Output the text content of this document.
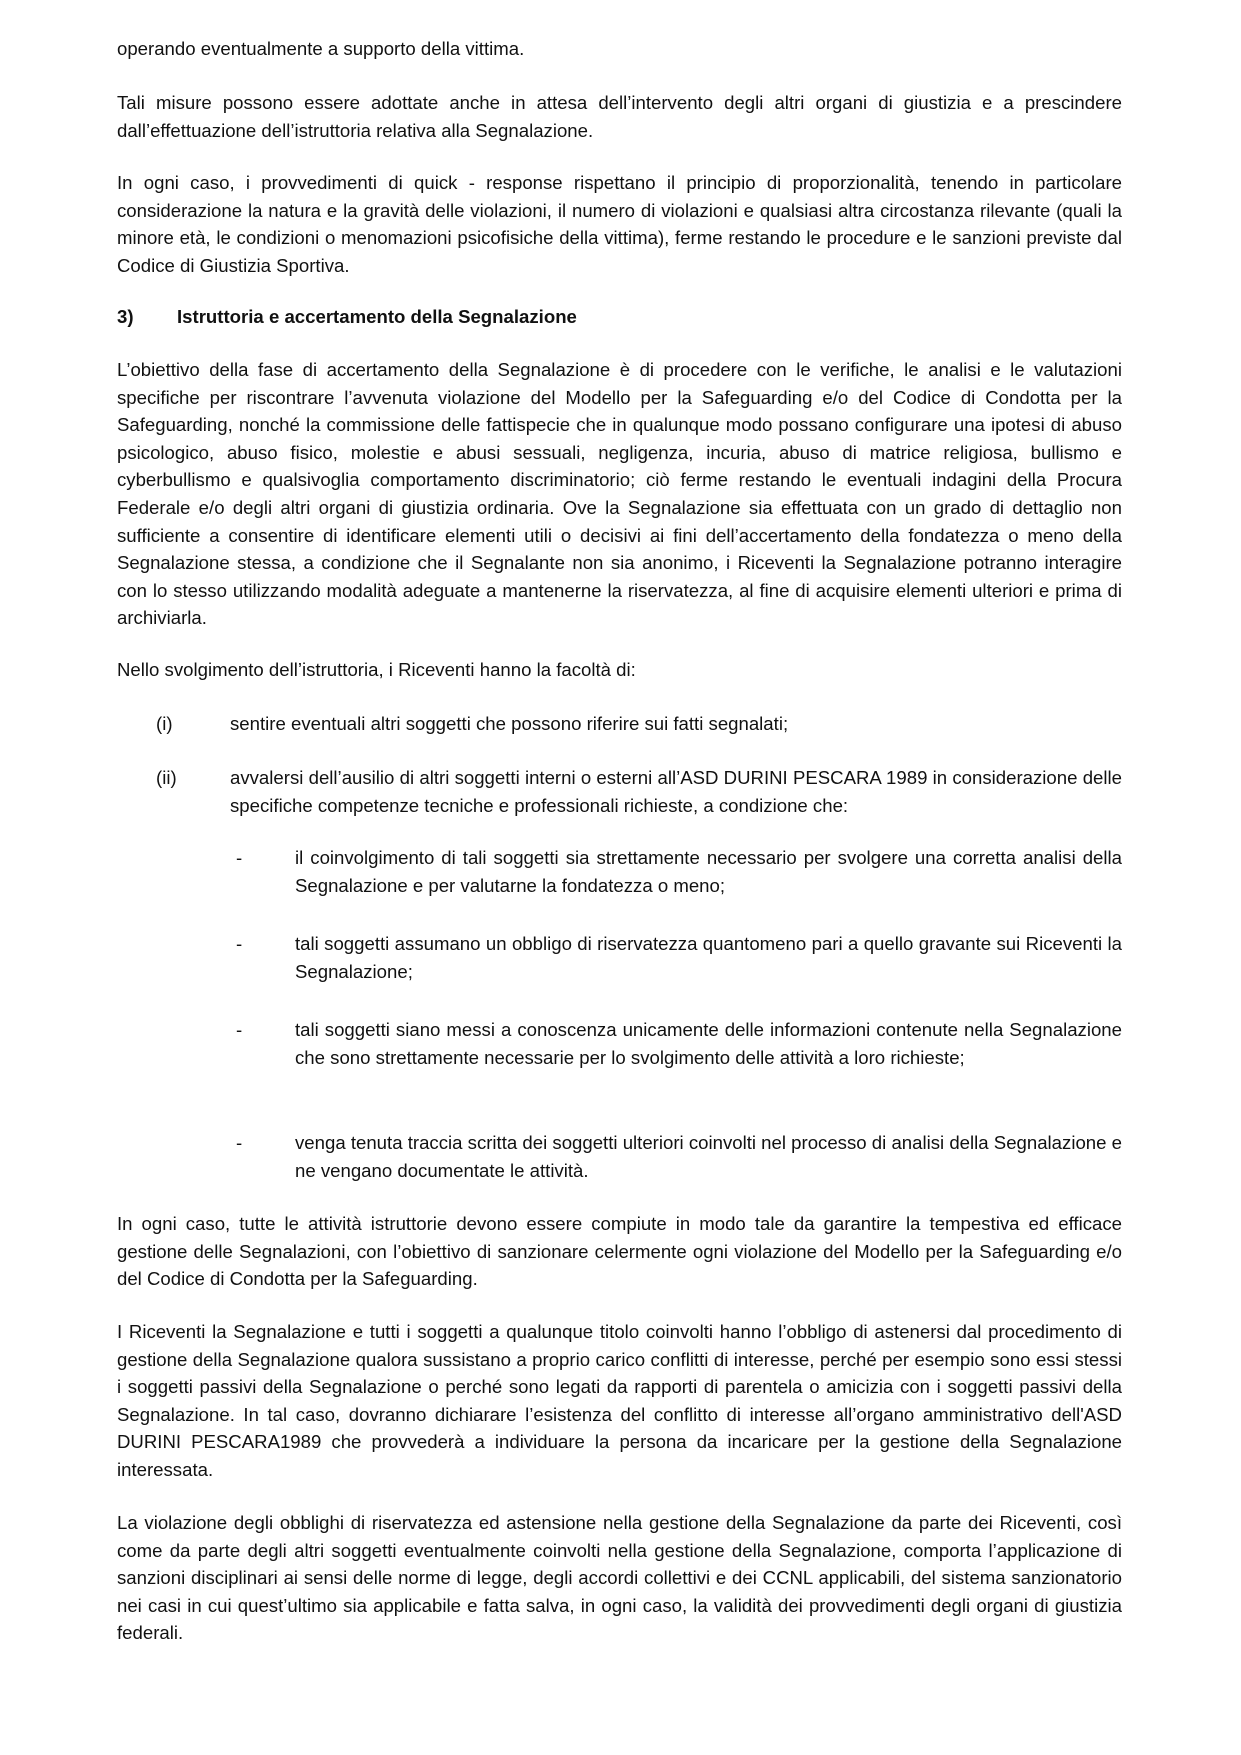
operando eventualmente a supporto della vittima.

Tali misure possono essere adottate anche in attesa dell’intervento degli altri organi di giustizia e a prescindere dall’effettuazione dell’istruttoria relativa alla Segnalazione.

In ogni caso, i provvedimenti di quick - response rispettano il principio di proporzionalità, tenendo in particolare considerazione la natura e la gravità delle violazioni, il numero di violazioni e qualsiasi altra circostanza rilevante (quali la minore età, le condizioni o menomazioni psicofisiche della vittima), ferme restando le procedure e le sanzioni previste dal Codice di Giustizia Sportiva.

3) Istruttoria e accertamento della Segnalazione

L’obiettivo della fase di accertamento della Segnalazione è di procedere con le verifiche, le analisi e le valutazioni specifiche per riscontrare l’avvenuta violazione del Modello per la Safeguarding e/o del Codice di Condotta per la Safeguarding, nonché la commissione delle fattispecie che in qualunque modo possano configurare una ipotesi di abuso psicologico, abuso fisico, molestie e abusi sessuali, negligenza, incuria, abuso di matrice religiosa, bullismo e cyberbullismo e qualsivoglia comportamento discriminatorio; ciò ferme restando le eventuali indagini della Procura Federale e/o degli altri organi di giustizia ordinaria. Ove la Segnalazione sia effettuata con un grado di dettaglio non sufficiente a consentire di identificare elementi utili o decisivi ai fini dell’accertamento della fondatezza o meno della Segnalazione stessa, a condizione che il Segnalante non sia anonimo, i Riceventi la Segnalazione potranno interagire con lo stesso utilizzando modalità adeguate a mantenerne la riservatezza, al fine di acquisire elementi ulteriori e prima di archiviarla.

Nello svolgimento dell’istruttoria, i Riceventi hanno la facoltà di:

(i)	sentire eventuali altri soggetti che possono riferire sui fatti segnalati;
(ii)	avvalersi dell’ausilio di altri soggetti interni o esterni all’ASD DURINI PESCARA 1989 in considerazione delle specifiche competenze tecniche e professionali richieste, a condizione che:
-	il coinvolgimento di tali soggetti sia strettamente necessario per svolgere una corretta analisi della Segnalazione e per valutarne la fondatezza o meno;
-	tali soggetti assumano un obbligo di riservatezza quantomeno pari a quello gravante sui Riceventi la Segnalazione;
-	tali soggetti siano messi a conoscenza unicamente delle informazioni contenute nella Segnalazione che sono strettamente necessarie per lo svolgimento delle attività a loro richieste;
-	venga tenuta traccia scritta dei soggetti ulteriori coinvolti nel processo di analisi della Segnalazione e ne vengano documentate le attività.

In ogni caso, tutte le attività istruttorie devono essere compiute in modo tale da garantire la tempestiva ed efficace gestione delle Segnalazioni, con l’obiettivo di sanzionare celermente ogni violazione del Modello per la Safeguarding e/o del Codice di Condotta per la Safeguarding.

I Riceventi la Segnalazione e tutti i soggetti a qualunque titolo coinvolti hanno l’obbligo di astenersi dal procedimento di gestione della Segnalazione qualora sussistano a proprio carico conflitti di interesse, perché per esempio sono essi stessi i soggetti passivi della Segnalazione o perché sono legati da rapporti di parentela o amicizia con i soggetti passivi della Segnalazione. In tal caso, dovranno dichiarare l’esistenza del conflitto di interesse all’organo amministrativo dell'ASD DURINI PESCARA1989 che provvederà a individuare la persona da incaricare per la gestione della Segnalazione interessata.

La violazione degli obblighi di riservatezza ed astensione nella gestione della Segnalazione da parte dei Riceventi, così come da parte degli altri soggetti eventualmente coinvolti nella gestione della Segnalazione, comporta l’applicazione di sanzioni disciplinari ai sensi delle norme di legge, degli accordi collettivi e dei CCNL applicabili, del sistema sanzionatorio nei casi in cui quest’ultimo sia applicabile e fatta salva, in ogni caso, la validità dei provvedimenti degli organi di giustizia federali.
